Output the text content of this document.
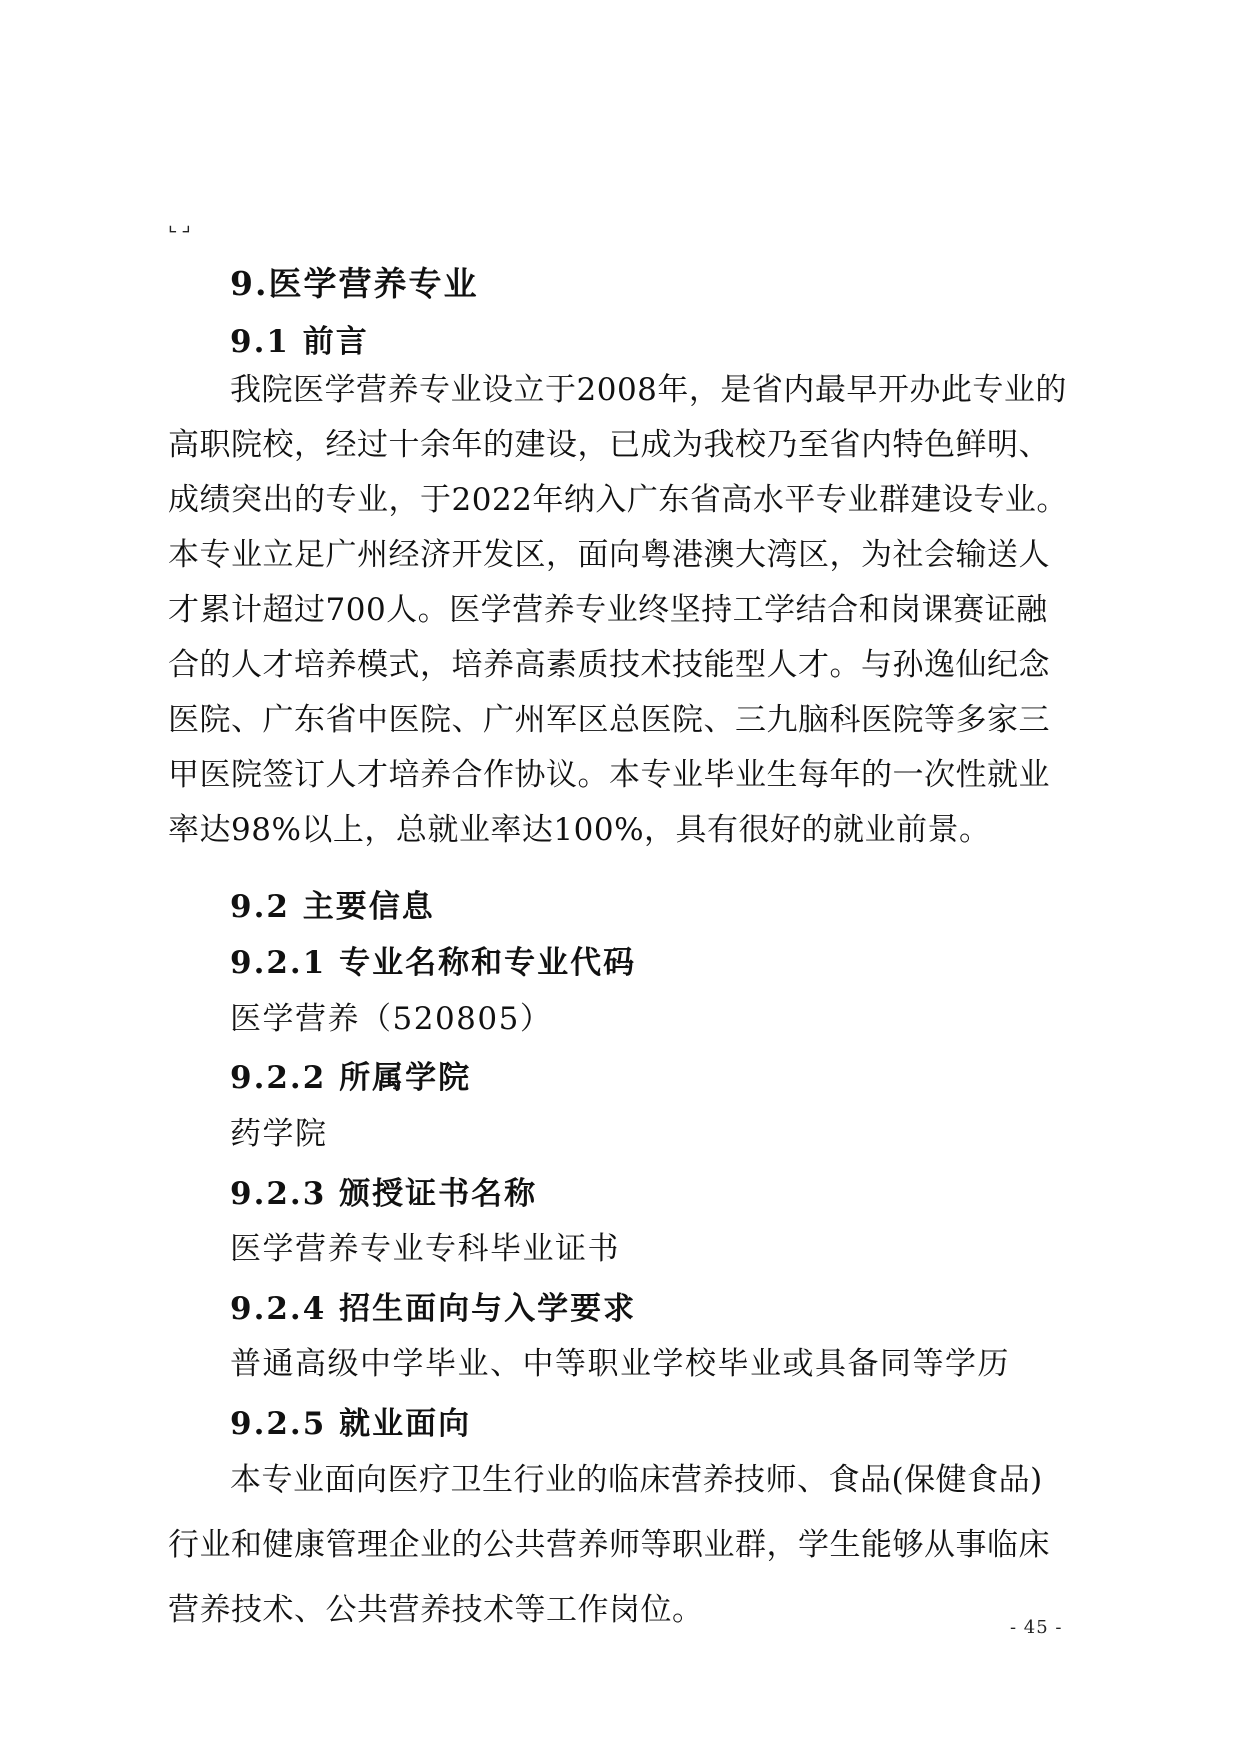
⌞⌟
9.医学营养专业
9.1 前言

我院医学营养专业设立于2008年，是省内最早开办此专业的

高职院校，经过十余年的建设，已成为我校乃至省内特色鲜明、

成绩突出的专业，于2022年纳入广东省高水平专业群建设专业。

本专业立足广州经济开发区，面向粤港澳大湾区，为社会输送人

才累计超过700人。医学营养专业终坚持工学结合和岗课赛证融

合的人才培养模式，培养高素质技术技能型人才。与孙逸仙纪念

医院、广东省中医院、广州军区总医院、三九脑科医院等多家三

甲医院签订人才培养合作协议。本专业毕业生每年的一次性就业

率达98%以上，总就业率达100%，具有很好的就业前景。

9.2 主要信息
9.2.1 专业名称和专业代码

医学营养（520805）

9.2.2 所属学院

药学院

9.2.3 颁授证书名称

医学营养专业专科毕业证书

9.2.4 招生面向与入学要求

普通高级中学毕业、中等职业学校毕业或具备同等学历

9.2.5 就业面向

本专业面向医疗卫生行业的临床营养技师、食品(保健食品)

行业和健康管理企业的公共营养师等职业群，学生能够从事临床

营养技术、公共营养技术等工作岗位。	- 45 -
